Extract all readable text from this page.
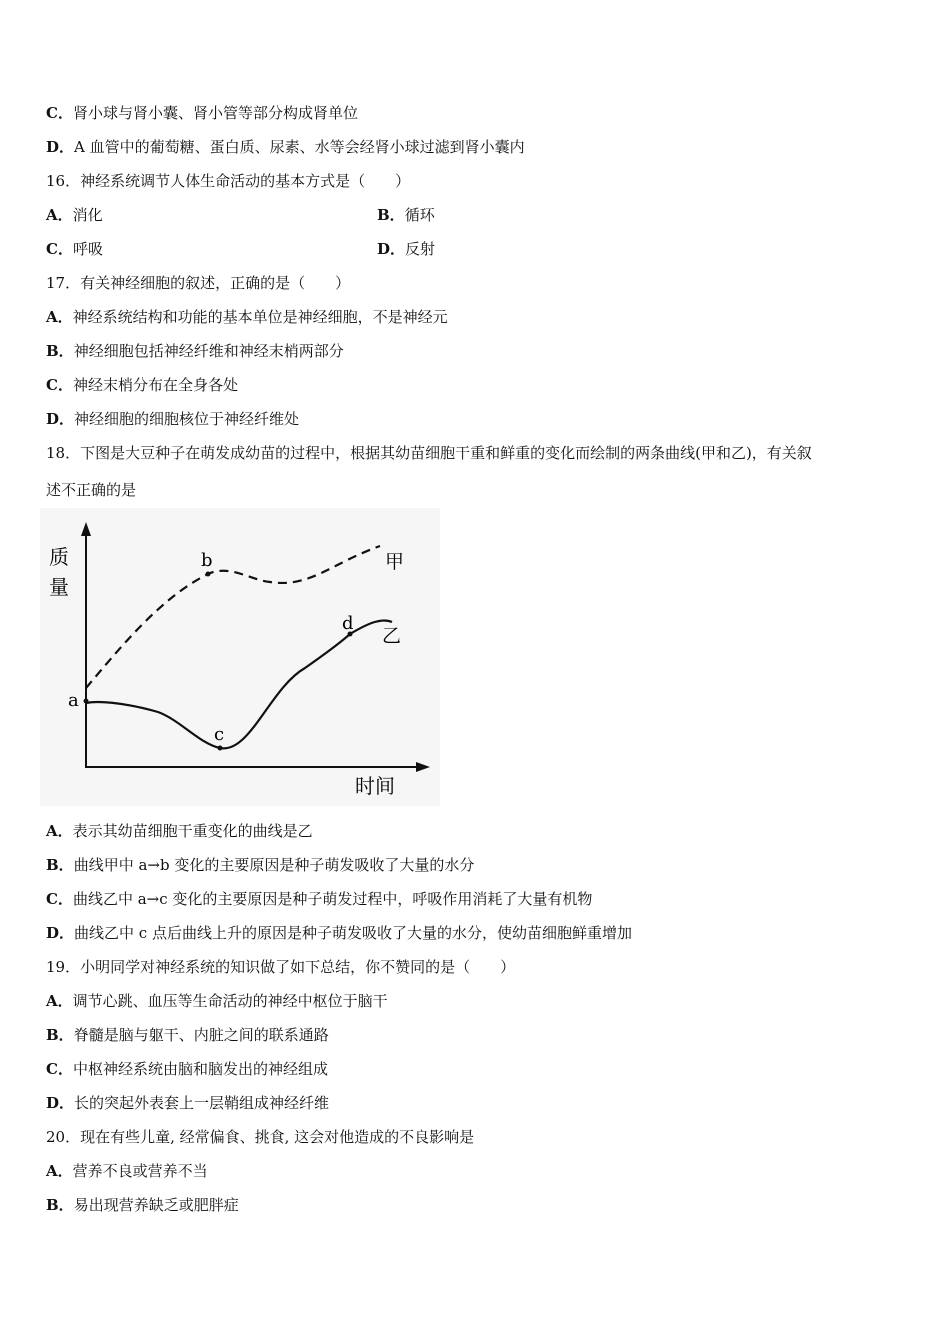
C．肾小球与肾小囊、肾小管等部分构成肾单位
D．A 血管中的葡萄糖、蛋白质、尿素、水等会经肾小球过滤到肾小囊内
16．神经系统调节人体生命活动的基本方式是（　　）
A．消化	B．循环
C．呼吸	D．反射
17．有关神经细胞的叙述，正确的是（　　）
A．神经系统结构和功能的基本单位是神经细胞，不是神经元
B．神经细胞包括神经纤维和神经末梢两部分
C．神经末梢分布在全身各处
D．神经细胞的细胞核位于神经纤维处
18．下图是大豆种子在萌发成幼苗的过程中，根据其幼苗细胞干重和鲜重的变化而绘制的两条曲线(甲和乙)，有关叙
述不正确的是
质
量
时间
a
b
c
d
甲
乙
A．表示其幼苗细胞干重变化的曲线是乙
B．曲线甲中 a→b 变化的主要原因是种子萌发吸收了大量的水分
C．曲线乙中 a→c 变化的主要原因是种子萌发过程中，呼吸作用消耗了大量有机物
D．曲线乙中 c 点后曲线上升的原因是种子萌发吸收了大量的水分，使幼苗细胞鲜重增加
19．小明同学对神经系统的知识做了如下总结，你不赞同的是（　　）
A．调节心跳、血压等生命活动的神经中枢位于脑干
B．脊髓是脑与躯干、内脏之间的联系通路
C．中枢神经系统由脑和脑发出的神经组成
D．长的突起外表套上一层鞘组成神经纤维
20．现在有些儿童, 经常偏食、挑食, 这会对他造成的不良影响是
A．营养不良或营养不当
B．易出现营养缺乏或肥胖症
